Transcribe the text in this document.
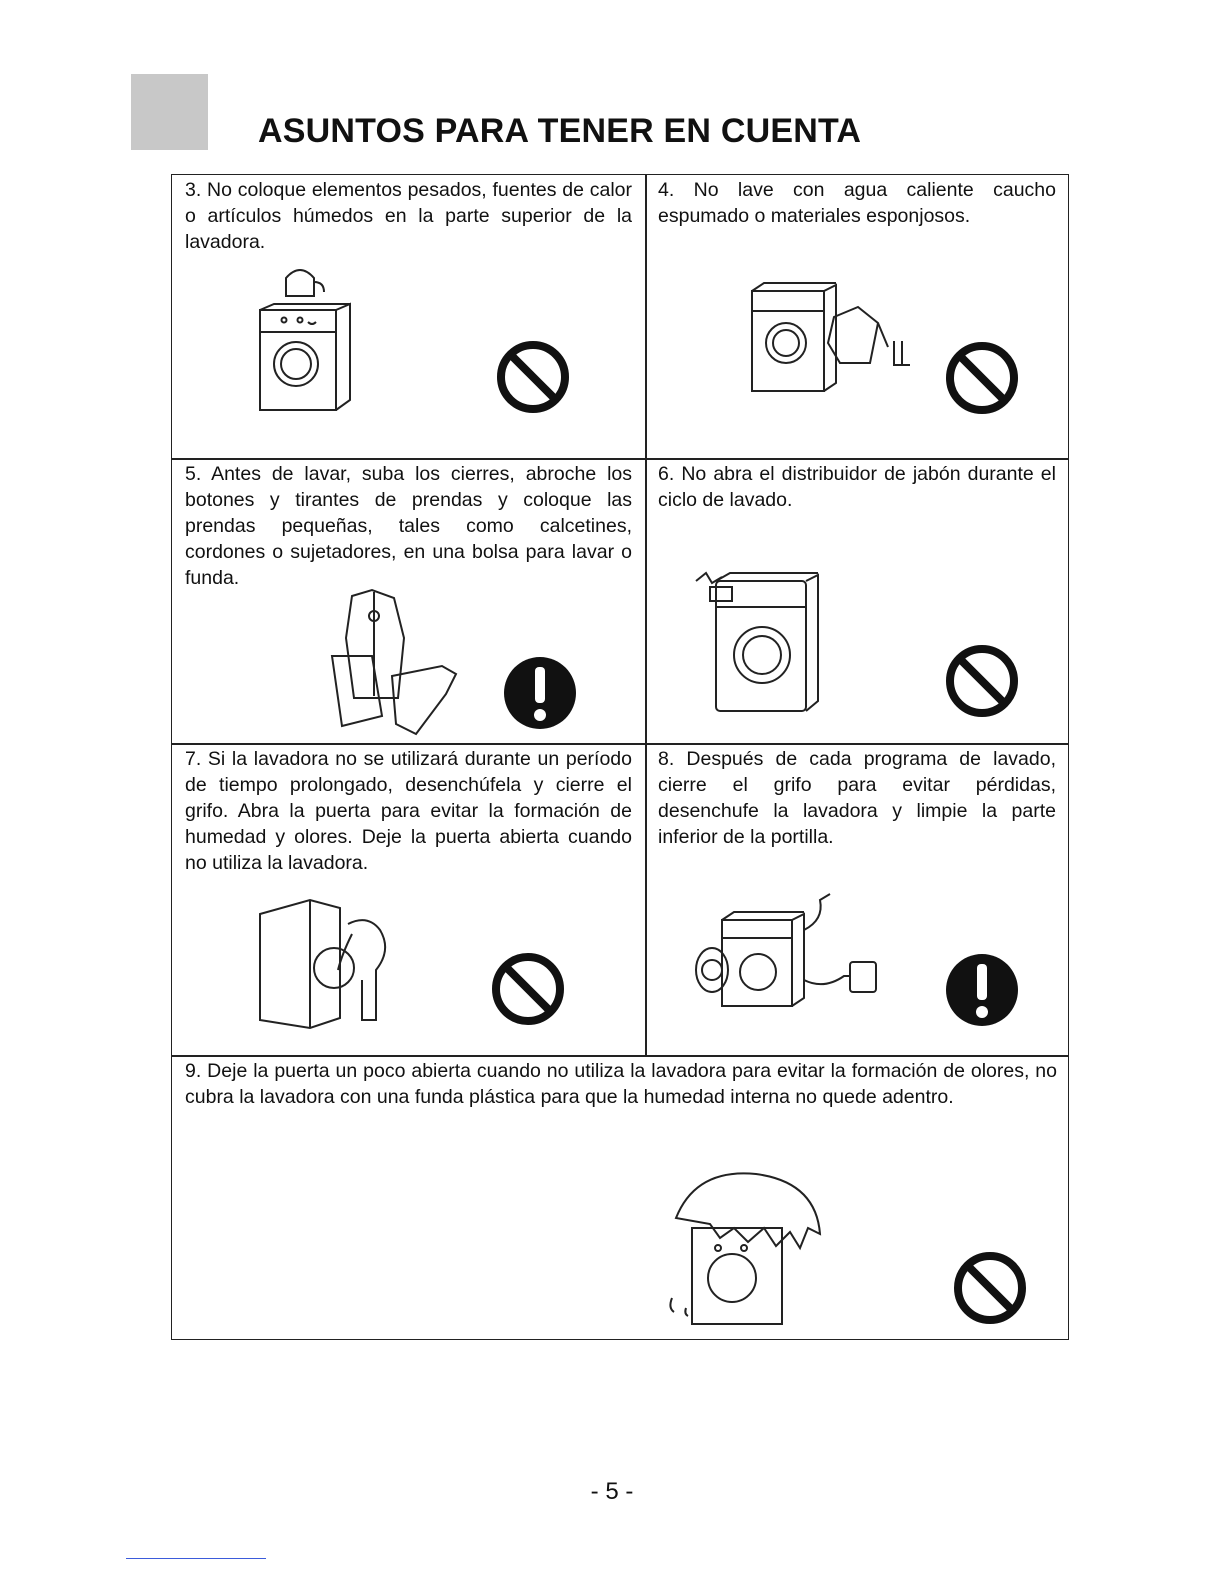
ASUNTOS PARA TENER EN CUENTA

3. No coloque elementos pesados, fuentes de calor o artículos húmedos en la parte superior de la lavadora.

4. No lave con agua caliente caucho espumado o materiales esponjosos.

5. Antes de lavar, suba los cierres, abroche los botones y tirantes de prendas y coloque las prendas pequeñas, tales como calcetines, cordones o sujetadores, en una bolsa para lavar o funda.

6. No abra el distribuidor de jabón durante el ciclo de lavado.

7. Si la lavadora no se utilizará durante un período de tiempo prolongado, desenchúfela y cierre el grifo. Abra la puerta para evitar la formación de humedad y olores. Deje la puerta abierta cuando no utiliza la lavadora.

8. Después de cada programa de lavado, cierre el grifo para evitar pérdidas, desenchufe la lavadora y limpie la parte inferior de la portilla.

9. Deje la puerta un poco abierta cuando no utiliza la lavadora para evitar la formación de olores, no cubra la lavadora con una funda plástica para que la humedad interna no quede adentro.

- 5 -
